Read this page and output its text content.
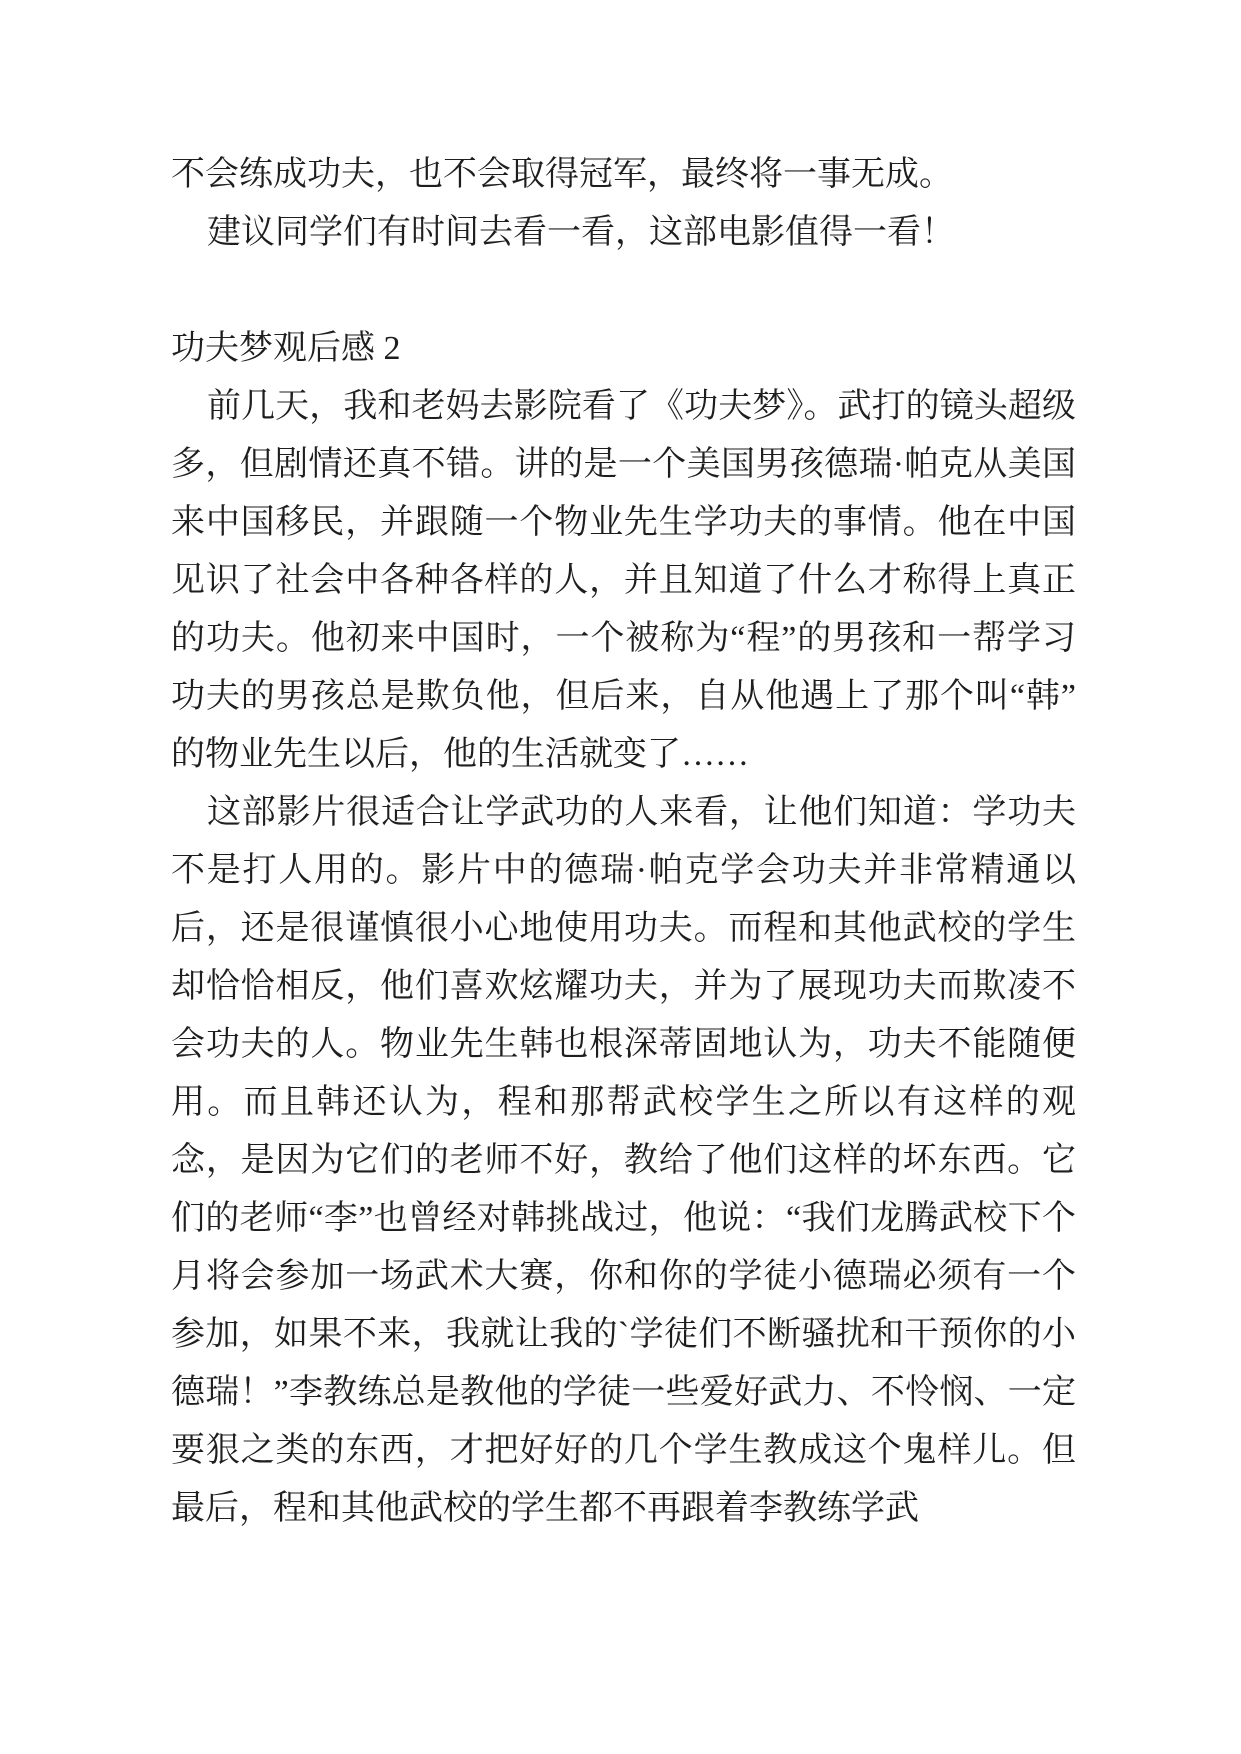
不会练成功夫，也不会取得冠军，最终将一事无成。

建议同学们有时间去看一看，这部电影值得一看！

功夫梦观后感 2

前几天，我和老妈去影院看了《功夫梦》。武打的镜头超级多，但剧情还真不错。讲的是一个美国男孩德瑞·帕克从美国来中国移民，并跟随一个物业先生学功夫的事情。他在中国见识了社会中各种各样的人，并且知道了什么才称得上真正的功夫。他初来中国时，一个被称为“程”的男孩和一帮学习功夫的男孩总是欺负他，但后来，自从他遇上了那个叫“韩”的物业先生以后，他的生活就变了……

这部影片很适合让学武功的人来看，让他们知道：学功夫不是打人用的。影片中的德瑞·帕克学会功夫并非常精通以后，还是很谨慎很小心地使用功夫。而程和其他武校的学生却恰恰相反，他们喜欢炫耀功夫，并为了展现功夫而欺凌不会功夫的人。物业先生韩也根深蒂固地认为，功夫不能随便用。而且韩还认为，程和那帮武校学生之所以有这样的观念，是因为它们的老师不好，教给了他们这样的坏东西。它们的老师“李”也曾经对韩挑战过，他说：“我们龙腾武校下个月将会参加一场武术大赛，你和你的学徒小德瑞必须有一个参加，如果不来，我就让我的`学徒们不断骚扰和干预你的小德瑞！”李教练总是教他的学徒一些爱好武力、不怜悯、一定要狠之类的东西，才把好好的几个学生教成这个鬼样儿。但最后，程和其他武校的学生都不再跟着李教练学武
